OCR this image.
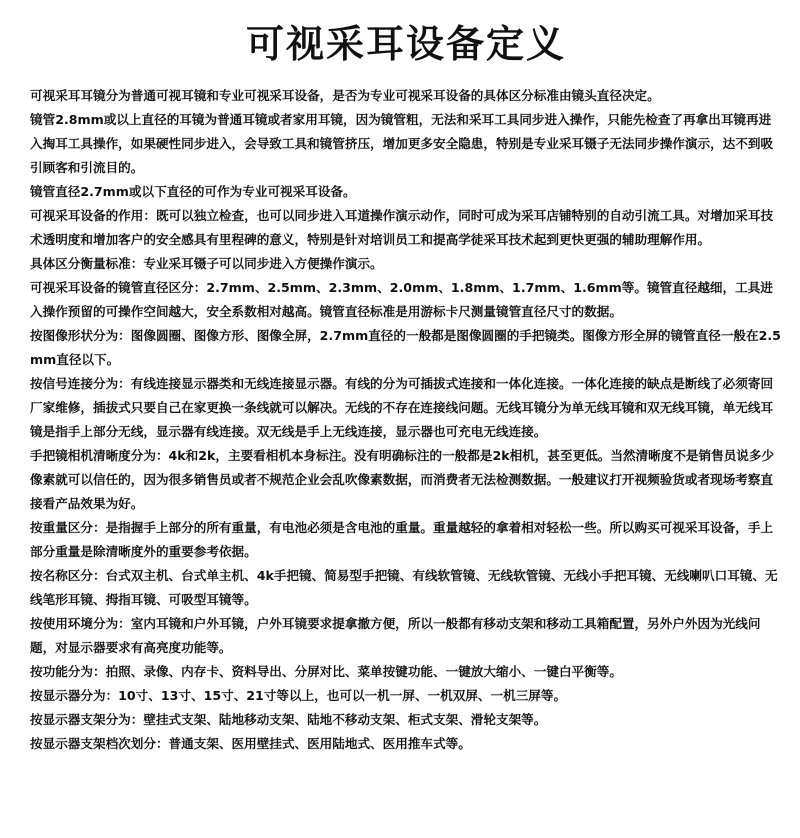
可视采耳设备定义

可视采耳耳镜分为普通可视耳镜和专业可视采耳设备，是否为专业可视采耳设备的具体区分标准由镜头直径决定。

镜管2.8mm或以上直径的耳镜为普通耳镜或者家用耳镜，因为镜管粗，无法和采耳工具同步进入操作，只能先检查了再拿出耳镜再进入掏耳工具操作，如果硬性同步进入，会导致工具和镜管挤压，增加更多安全隐患，特别是专业采耳镊子无法同步操作演示，达不到吸引顾客和引流目的。

镜管直径2.7mm或以下直径的可作为专业可视采耳设备。

可视采耳设备的作用：既可以独立检查，也可以同步进入耳道操作演示动作，同时可成为采耳店铺特别的自动引流工具。对增加采耳技术透明度和增加客户的安全感具有里程碑的意义，特别是针对培训员工和提高学徒采耳技术起到更快更强的辅助理解作用。

具体区分衡量标准：专业采耳镊子可以同步进入方便操作演示。

可视采耳设备的镜管直径区分：2.7mm、2.5mm、2.3mm、2.0mm、1.8mm、1.7mm、1.6mm等。镜管直径越细，工具进入操作预留的可操作空间越大，安全系数相对越高。镜管直径标准是用游标卡尺测量镜管直径尺寸的数据。

按图像形状分为：图像圆圈、图像方形、图像全屏，2.7mm直径的一般都是图像圆圈的手把镜类。图像方形全屏的镜管直径一般在2.5mm直径以下。

按信号连接分为：有线连接显示器类和无线连接显示器。有线的分为可插拔式连接和一体化连接。一体化连接的缺点是断线了必须寄回厂家维修，插拔式只要自己在家更换一条线就可以解决。无线的不存在连接线问题。无线耳镜分为单无线耳镜和双无线耳镜，单无线耳镜是指手上部分无线，显示器有线连接。双无线是手上无线连接，显示器也可充电无线连接。

手把镜相机清晰度分为：4k和2k，主要看相机本身标注。没有明确标注的一般都是2k相机，甚至更低。当然清晰度不是销售员说多少像素就可以信任的，因为很多销售员或者不规范企业会乱吹像素数据，而消费者无法检测数据。一般建议打开视频验货或者现场考察直接看产品效果为好。

按重量区分：是指握手上部分的所有重量，有电池必须是含电池的重量。重量越轻的拿着相对轻松一些。所以购买可视采耳设备，手上部分重量是除清晰度外的重要参考依据。

按名称区分：台式双主机、台式单主机、4k手把镜、简易型手把镜、有线软管镜、无线软管镜、无线小手把耳镜、无线喇叭口耳镜、无线笔形耳镜、拇指耳镜、可吸型耳镜等。

按使用环境分为：室内耳镜和户外耳镜，户外耳镜要求提拿撤方便，所以一般都有移动支架和移动工具箱配置，另外户外因为光线问题，对显示器要求有高亮度功能等。

按功能分为：拍照、录像、内存卡、资料导出、分屏对比、菜单按键功能、一键放大缩小、一键白平衡等。

按显示器分为：10寸、13寸、15寸、21寸等以上，也可以一机一屏、一机双屏、一机三屏等。

按显示器支架分为：壁挂式支架、陆地移动支架、陆地不移动支架、柜式支架、滑轮支架等。

按显示器支架档次划分：普通支架、医用壁挂式、医用陆地式、医用推车式等。
